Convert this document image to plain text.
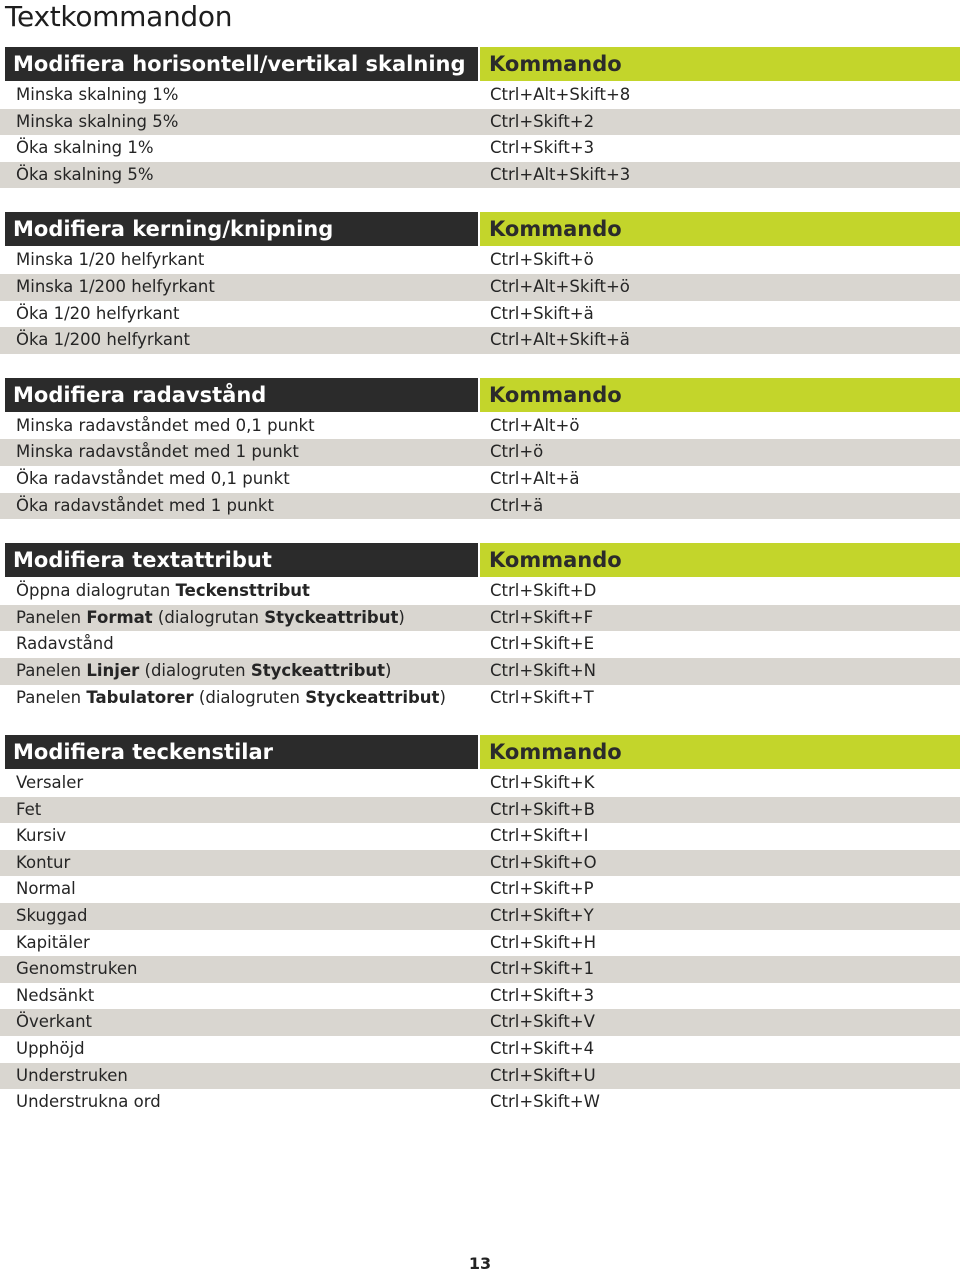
Textkommandon
Modifiera horisontell/vertikal skalning	Kommando
Minska skalning 1%	Ctrl+Alt+Skift+8
Minska skalning 5%	Ctrl+Skift+2
Öka skalning 1%	Ctrl+Skift+3
Öka skalning 5%	Ctrl+Alt+Skift+3
Modifiera kerning/knipning	Kommando
Minska 1/20 helfyrkant	Ctrl+Skift+ö
Minska 1/200 helfyrkant	Ctrl+Alt+Skift+ö
Öka 1/20 helfyrkant	Ctrl+Skift+ä
Öka 1/200 helfyrkant	Ctrl+Alt+Skift+ä
Modifiera radavstånd	Kommando
Minska radavståndet med 0,1 punkt	Ctrl+Alt+ö
Minska radavståndet med 1 punkt	Ctrl+ö
Öka radavståndet med 0,1 punkt	Ctrl+Alt+ä
Öka radavståndet med 1 punkt	Ctrl+ä
Modifiera textattribut	Kommando
Öppna dialogrutan Teckensttribut	Ctrl+Skift+D
Panelen Format (dialogrutan Styckeattribut)	Ctrl+Skift+F
Radavstånd	Ctrl+Skift+E
Panelen Linjer (dialogruten Styckeattribut)	Ctrl+Skift+N
Panelen Tabulatorer (dialogruten Styckeattribut)	Ctrl+Skift+T
Modifiera teckenstilar	Kommando
Versaler	Ctrl+Skift+K
Fet	Ctrl+Skift+B
Kursiv	Ctrl+Skift+I
Kontur	Ctrl+Skift+O
Normal	Ctrl+Skift+P
Skuggad	Ctrl+Skift+Y
Kapitäler	Ctrl+Skift+H
Genomstruken	Ctrl+Skift+1
Nedsänkt	Ctrl+Skift+3
Överkant	Ctrl+Skift+V
Upphöjd	Ctrl+Skift+4
Understruken	Ctrl+Skift+U
Understrukna ord	Ctrl+Skift+W
13
